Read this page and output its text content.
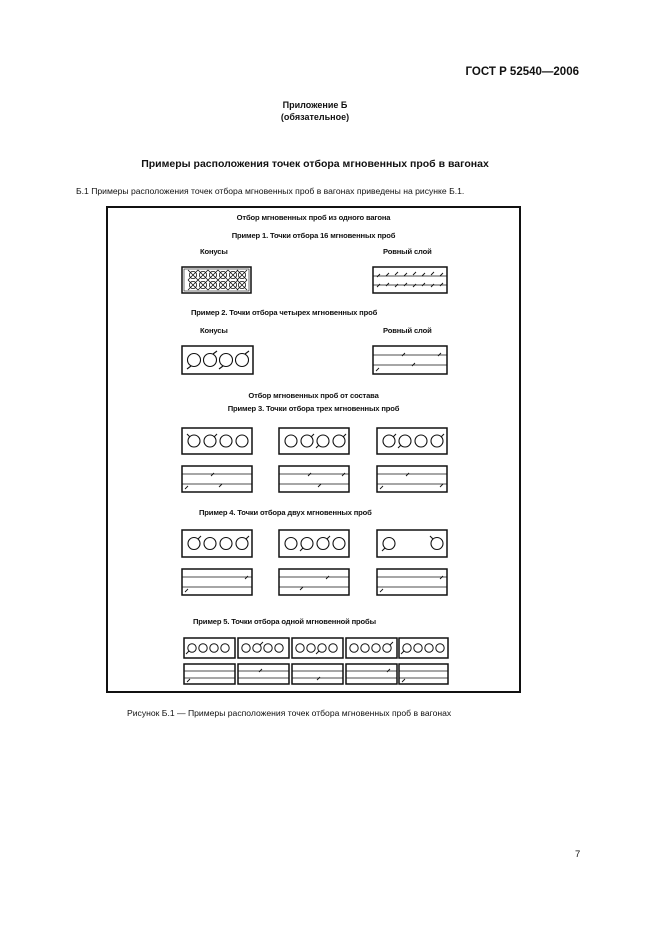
ГОСТ Р 52540—2006
Приложение Б
(обязательное)
Примеры расположения точек отбора мгновенных проб в вагонах
Б.1 Примеры расположения точек отбора мгновенных проб в вагонах приведены на рисунке Б.1.
Отбор мгновенных проб из одного вагона
Пример 1. Точки отбора 16 мгновенных проб
Конусы	Ровный слой
Пример 2. Точки отбора четырех мгновенных проб
Конусы	Ровный слой
Отбор мгновенных проб от состава
Пример 3. Точки отбора трех мгновенных проб
Пример 4. Точки отбора двух мгновенных проб
Пример 5. Точки отбора одной мгновенной пробы
Рисунок Б.1 — Примеры расположения точек отбора мгновенных проб в вагонах
7
